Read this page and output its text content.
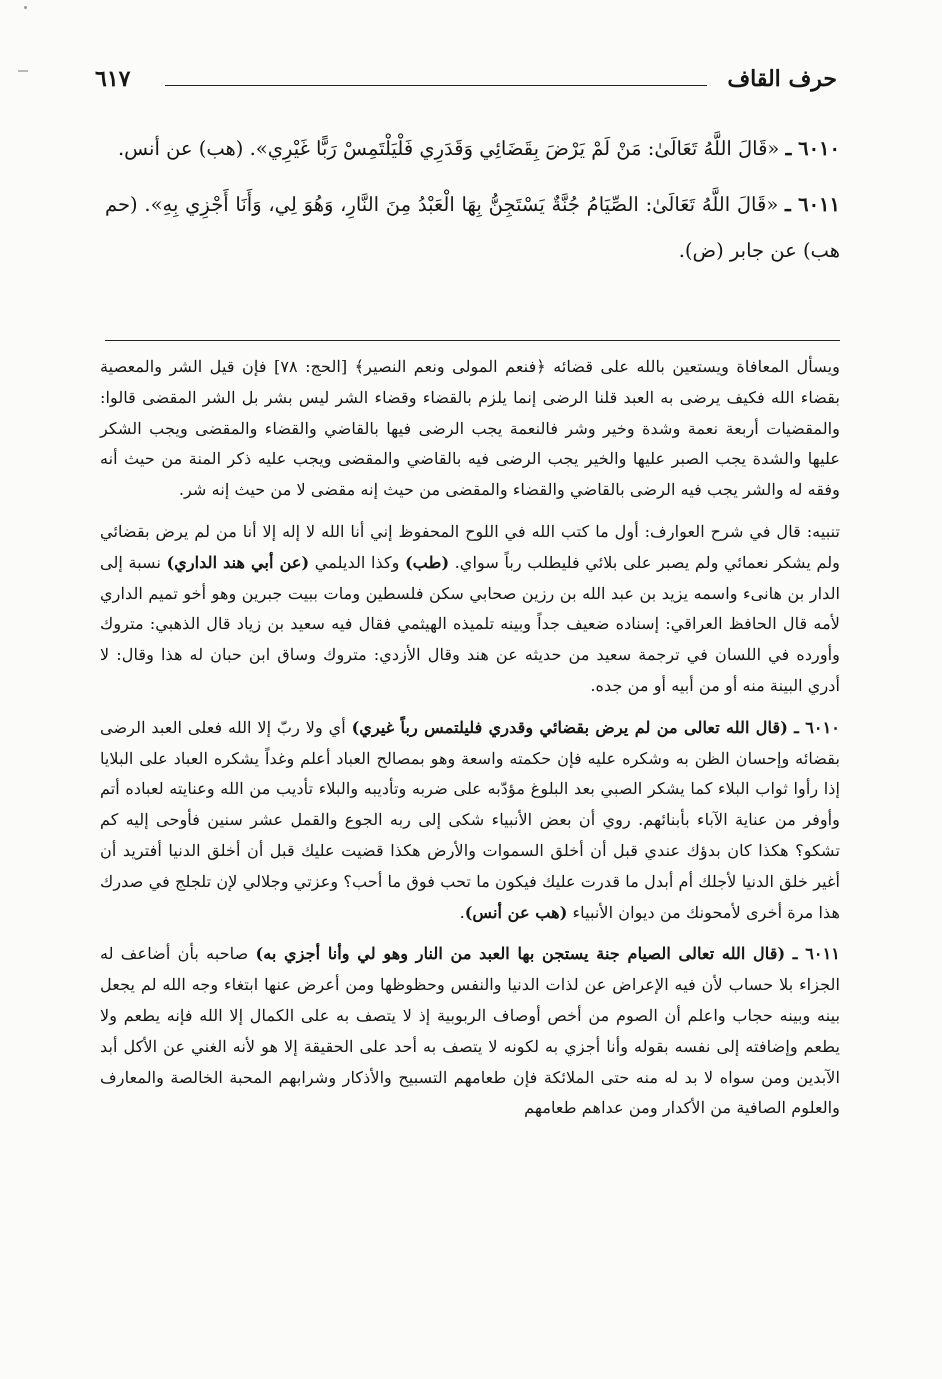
حرف القاف
٦١٧

٦٠١٠ ـ «قَالَ اللَّهُ تَعَالَىٰ: مَنْ لَمْ يَرْضَ بِقَضَائِي وَقَدَرِي فَلْيَلْتَمِسْ رَبًّا غَيْرِي». (هب) عن أنس.

٦٠١١ ـ «قَالَ اللَّهُ تَعَالَىٰ: الصِّيَامُ جُنَّةٌ يَسْتَجِنُّ بِهَا الْعَبْدُ مِنَ النَّارِ، وَهُوَ لِي، وَأَنَا أَجْزِي بِهِ». (حم هب) عن جابر (ض).

ويسأل المعافاة ويستعين بالله على قضائه ﴿فنعم المولى ونعم النصير﴾ [الحج: ٧٨] فإن قيل الشر والمعصية بقضاء الله فكيف يرضى به العبد قلنا الرضى إنما يلزم بالقضاء وقضاء الشر ليس بشر بل الشر المقضى قالوا: والمقضيات أربعة نعمة وشدة وخير وشر فالنعمة يجب الرضى فيها بالقاضي والقضاء والمقضى ويجب الشكر عليها والشدة يجب الصبر عليها والخير يجب الرضى فيه بالقاضي والمقضى ويجب عليه ذكر المنة من حيث أنه وفقه له والشر يجب فيه الرضى بالقاضي والقضاء والمقضى من حيث إنه مقضى لا من حيث إنه شر.

تنبيه: قال في شرح العوارف: أول ما كتب الله في اللوح المحفوظ إني أنا الله لا إله إلا أنا من لم يرض بقضائي ولم يشكر نعمائي ولم يصبر على بلائي فليطلب رباً سواي. (طب) وكذا الديلمي (عن أبي هند الداري) نسبة إلى الدار بن هانىء واسمه يزيد بن عبد الله بن رزين صحابي سكن فلسطين ومات ببيت جبرين وهو أخو تميم الداري لأمه قال الحافظ العراقي: إسناده ضعيف جداً وبينه تلميذه الهيثمي فقال فيه سعيد بن زياد قال الذهبي: متروك وأورده في اللسان في ترجمة سعيد من حديثه عن هند وقال الأزدي: متروك وساق ابن حبان له هذا وقال: لا أدري البينة منه أو من أبيه أو من جده.

٦٠١٠ ـ (قال الله تعالى من لم يرض بقضائي وقدري فليلتمس رباً غيري) أي ولا ربّ إلا الله فعلى العبد الرضى بقضائه وإحسان الظن به وشكره عليه فإن حكمته واسعة وهو بمصالح العباد أعلم وغداً يشكره العباد على البلايا إذا رأوا ثواب البلاء كما يشكر الصبي بعد البلوغ مؤدّبه على ضربه وتأديبه والبلاء تأديب من الله وعنايته لعباده أتم وأوفر من عناية الآباء بأبنائهم. روي أن بعض الأنبياء شكى إلى ربه الجوع والقمل عشر سنين فأوحى إليه كم تشكو؟ هكذا كان بدؤك عندي قبل أن أخلق السموات والأرض هكذا قضيت عليك قبل أن أخلق الدنيا أفتريد أن أغير خلق الدنيا لأجلك أم أبدل ما قدرت عليك فيكون ما تحب فوق ما أحب؟ وعزتي وجلالي لإن تلجلج في صدرك هذا مرة أخرى لأمحونك من ديوان الأنبياء (هب عن أنس).

٦٠١١ ـ (قال الله تعالى الصيام جنة يستجن بها العبد من النار وهو لي وأنا أجزي به) صاحبه بأن أضاعف له الجزاء بلا حساب لأن فيه الإعراض عن لذات الدنيا والنفس وحظوظها ومن أعرض عنها ابتغاء وجه الله لم يجعل بينه وبينه حجاب واعلم أن الصوم من أخص أوصاف الربوبية إذ لا يتصف به على الكمال إلا الله فإنه يطعم ولا يطعم وإضافته إلى نفسه بقوله وأنا أجزي به لكونه لا يتصف به أحد على الحقيقة إلا هو لأنه الغني عن الأكل أبد الآبدين ومن سواه لا بد له منه حتى الملائكة فإن طعامهم التسبيح والأذكار وشرابهم المحبة الخالصة والمعارف والعلوم الصافية من الأكدار ومن عداهم طعامهم
